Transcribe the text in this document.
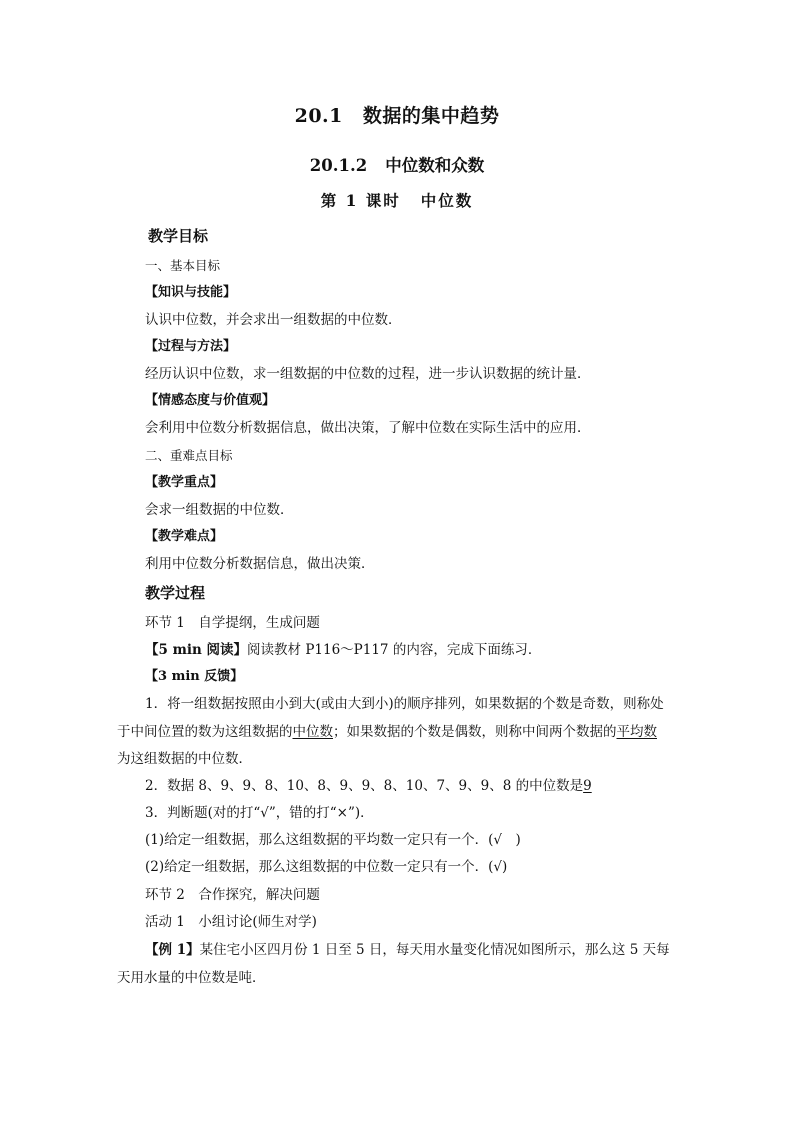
20.1 数据的集中趋势
20.1.2 中位数和众数
第 1 课时 中位数
教学目标
一、基本目标
【知识与技能】
认识中位数，并会求出一组数据的中位数．
【过程与方法】
经历认识中位数，求一组数据的中位数的过程，进一步认识数据的统计量．
【情感态度与价值观】
会利用中位数分析数据信息，做出决策，了解中位数在实际生活中的应用．
二、重难点目标
【教学重点】
会求一组数据的中位数．
【教学难点】
利用中位数分析数据信息，做出决策．
教学过程
环节 1　自学提纲，生成问题
【5 min 阅读】阅读教材 P116～P117 的内容，完成下面练习．
【3 min 反馈】
1．将一组数据按照由小到大(或由大到小)的顺序排列，如果数据的个数是奇数，则称处
于中间位置的数为这组数据的中位数；如果数据的个数是偶数，则称中间两个数据的平均数
为这组数据的中位数．
2．数据 8、9、9、8、10、8、9、9、8、10、7、9、9、8 的中位数是9
3．判断题(对的打“√”，错的打“×”)．
(1)给定一组数据，那么这组数据的平均数一定只有一个．(√　)
(2)给定一组数据，那么这组数据的中位数一定只有一个．(√)
环节 2　合作探究，解决问题
活动 1　小组讨论(师生对学)
【例 1】某住宅小区四月份 1 日至 5 日，每天用水量变化情况如图所示，那么这 5 天每
天用水量的中位数是吨．
